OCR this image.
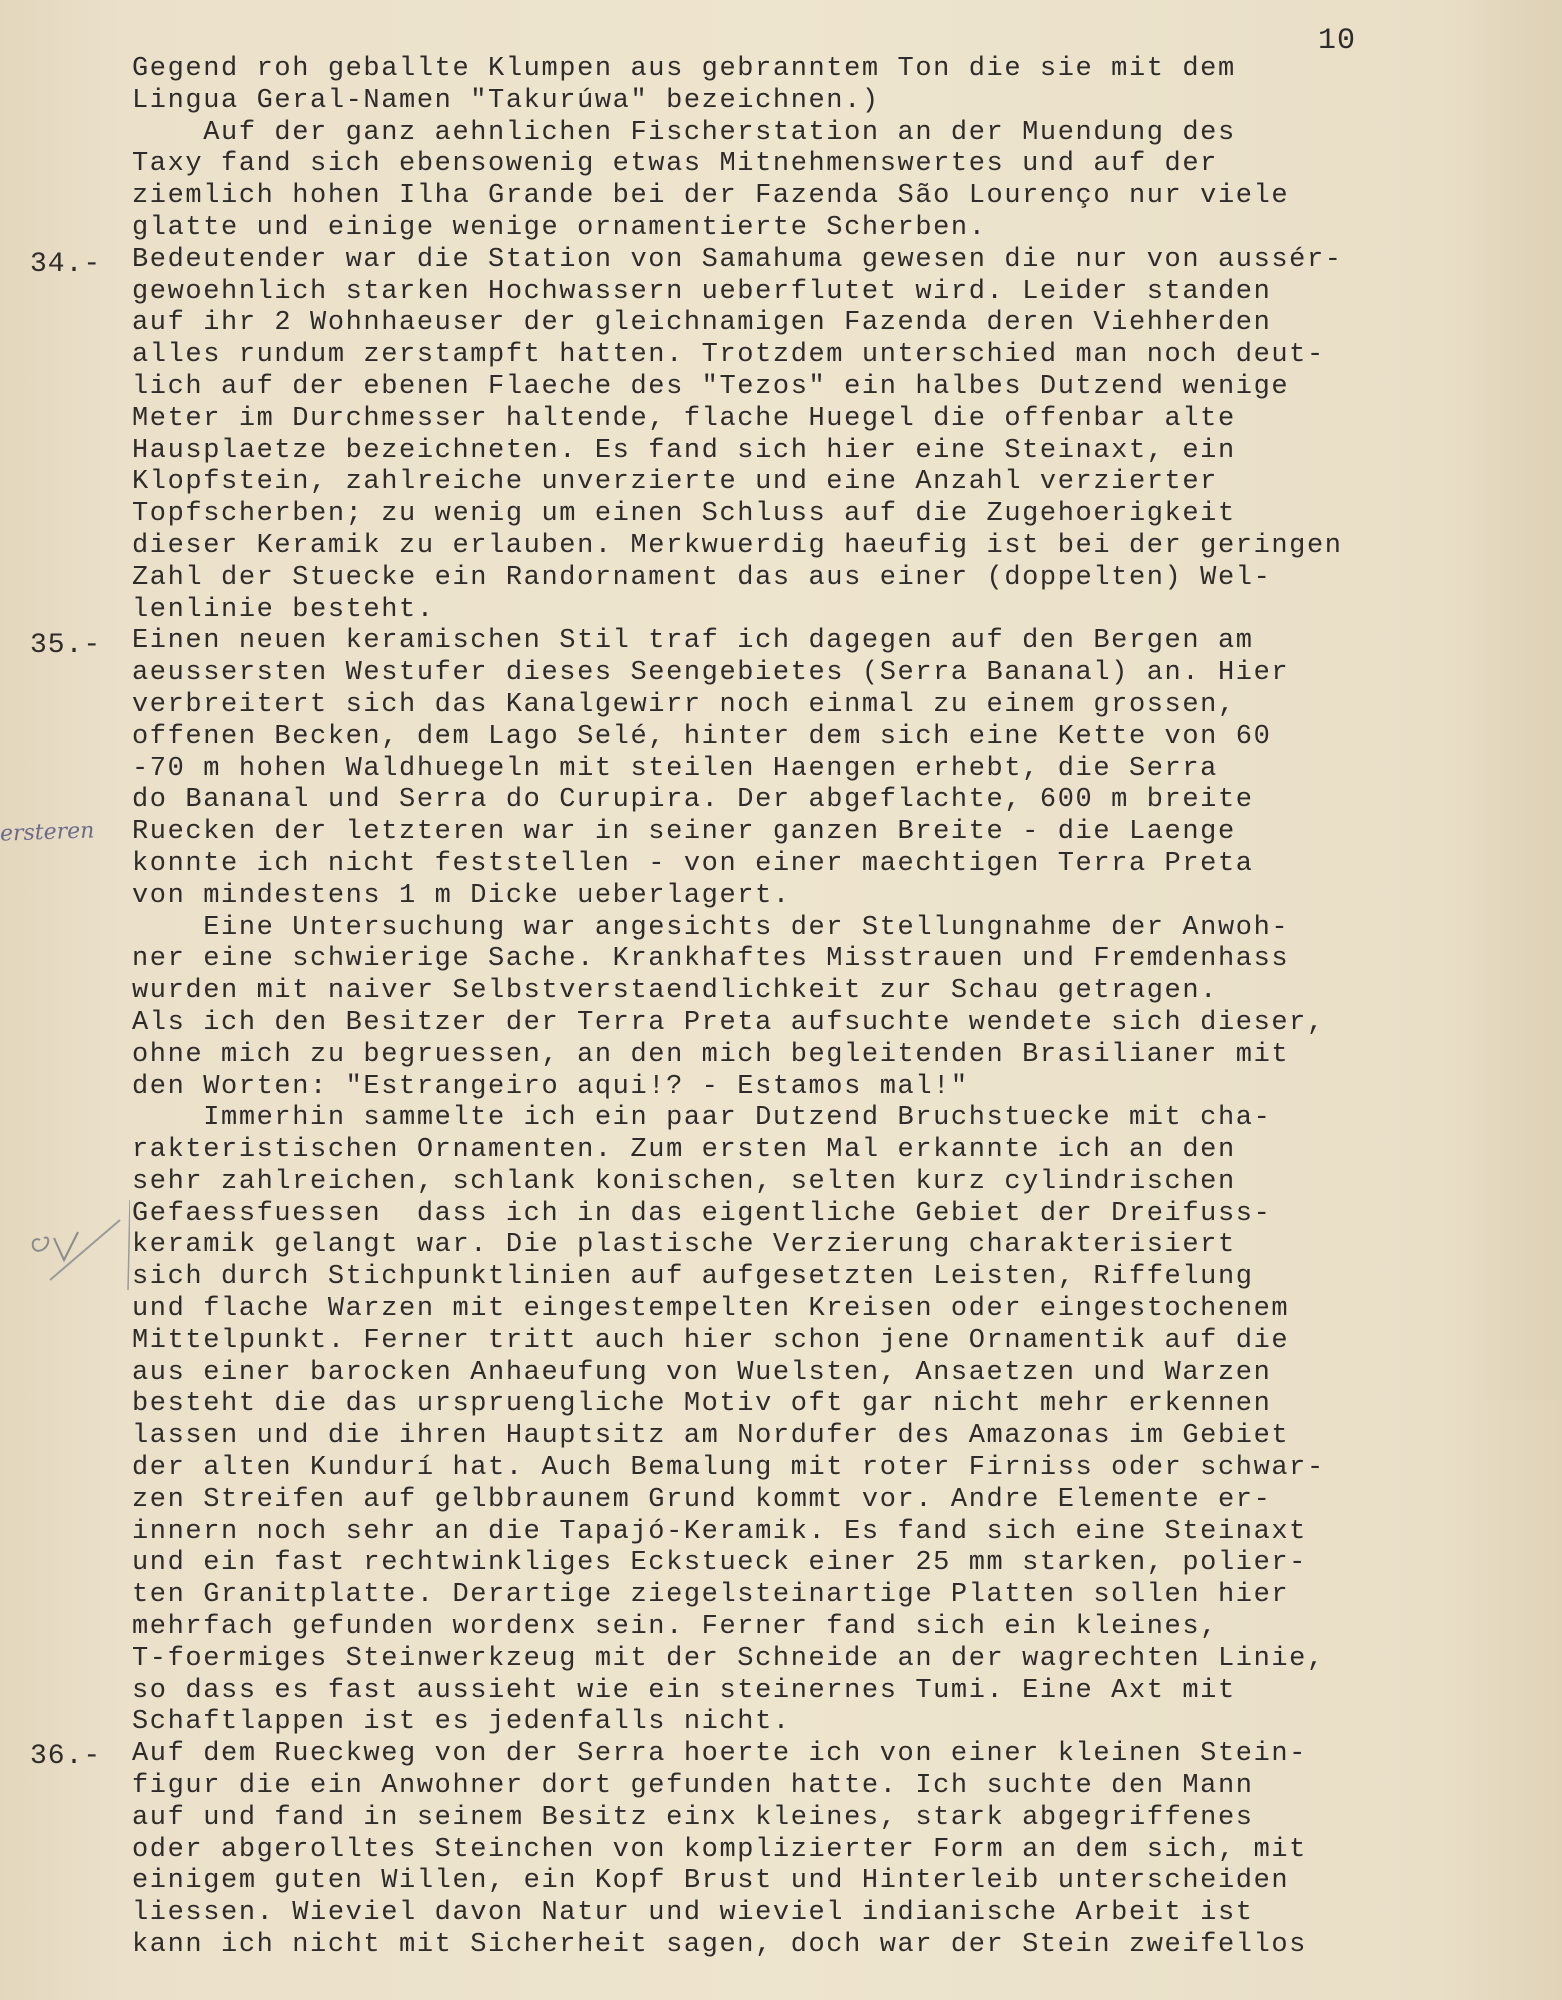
10
34.-
35.-
36.-
ersteren
Gegend roh geballte Klumpen aus gebranntem Ton die sie mit dem
Lingua Geral-Namen "Takurúwa" bezeichnen.)
Auf der ganz aehnlichen Fischerstation an der Muendung des
Taxy fand sich ebensowenig etwas Mitnehmenswertes und auf der
ziemlich hohen Ilha Grande bei der Fazenda São Lourenço nur viele
glatte und einige wenige ornamentierte Scherben.
Bedeutender war die Station von Samahuma gewesen die nur von aussér-
gewoehnlich starken Hochwassern ueberflutet wird. Leider standen
auf ihr 2 Wohnhaeuser der gleichnamigen Fazenda deren Viehherden
alles rundum zerstampft hatten. Trotzdem unterschied man noch deut-
lich auf der ebenen Flaeche des "Tezos" ein halbes Dutzend wenige
Meter im Durchmesser haltende, flache Huegel die offenbar alte
Hausplaetze bezeichneten. Es fand sich hier eine Steinaxt, ein
Klopfstein, zahlreiche unverzierte und eine Anzahl verzierter
Topfscherben; zu wenig um einen Schluss auf die Zugehoerigkeit
dieser Keramik zu erlauben. Merkwuerdig haeufig ist bei der geringen
Zahl der Stuecke ein Randornament das aus einer (doppelten) Wel-
lenlinie besteht.
Einen neuen keramischen Stil traf ich dagegen auf den Bergen am
aeussersten Westufer dieses Seengebietes (Serra Bananal) an. Hier
verbreitert sich das Kanalgewirr noch einmal zu einem grossen,
offenen Becken, dem Lago Selé, hinter dem sich eine Kette von 60
-70 m hohen Waldhuegeln mit steilen Haengen erhebt, die Serra
do Bananal und Serra do Curupira. Der abgeflachte, 600 m breite
Ruecken der letzteren war in seiner ganzen Breite - die Laenge
konnte ich nicht feststellen - von einer maechtigen Terra Preta
von mindestens 1 m Dicke ueberlagert.
Eine Untersuchung war angesichts der Stellungnahme der Anwoh-
ner eine schwierige Sache. Krankhaftes Misstrauen und Fremdenhass
wurden mit naiver Selbstverstaendlichkeit zur Schau getragen.
Als ich den Besitzer der Terra Preta aufsuchte wendete sich dieser,
ohne mich zu begruessen, an den mich begleitenden Brasilianer mit
den Worten: "Estrangeiro aqui!? - Estamos mal!"
Immerhin sammelte ich ein paar Dutzend Bruchstuecke mit cha-
rakteristischen Ornamenten. Zum ersten Mal erkannte ich an den
sehr zahlreichen, schlank konischen, selten kurz cylindrischen
Gefaessfuessen  dass ich in das eigentliche Gebiet der Dreifuss-
keramik gelangt war. Die plastische Verzierung charakterisiert
sich durch Stichpunktlinien auf aufgesetzten Leisten, Riffelung
und flache Warzen mit eingestempelten Kreisen oder eingestochenem
Mittelpunkt. Ferner tritt auch hier schon jene Ornamentik auf die
aus einer barocken Anhaeufung von Wuelsten, Ansaetzen und Warzen
besteht die das urspruengliche Motiv oft gar nicht mehr erkennen
lassen und die ihren Hauptsitz am Nordufer des Amazonas im Gebiet
der alten Kundurí hat. Auch Bemalung mit roter Firniss oder schwar-
zen Streifen auf gelbbraunem Grund kommt vor. Andre Elemente er-
innern noch sehr an die Tapajó-Keramik. Es fand sich eine Steinaxt
und ein fast rechtwinkliges Eckstueck einer 25 mm starken, polier-
ten Granitplatte. Derartige ziegelsteinartige Platten sollen hier
mehrfach gefunden wordenx sein. Ferner fand sich ein kleines,
T-foermiges Steinwerkzeug mit der Schneide an der wagrechten Linie,
so dass es fast aussieht wie ein steinernes Tumi. Eine Axt mit
Schaftlappen ist es jedenfalls nicht.
Auf dem Rueckweg von der Serra hoerte ich von einer kleinen Stein-
figur die ein Anwohner dort gefunden hatte. Ich suchte den Mann
auf und fand in seinem Besitz einx kleines, stark abgegriffenes
oder abgerolltes Steinchen von komplizierter Form an dem sich, mit
einigem guten Willen, ein Kopf Brust und Hinterleib unterscheiden
liessen. Wieviel davon Natur und wieviel indianische Arbeit ist
kann ich nicht mit Sicherheit sagen, doch war der Stein zweifellos
